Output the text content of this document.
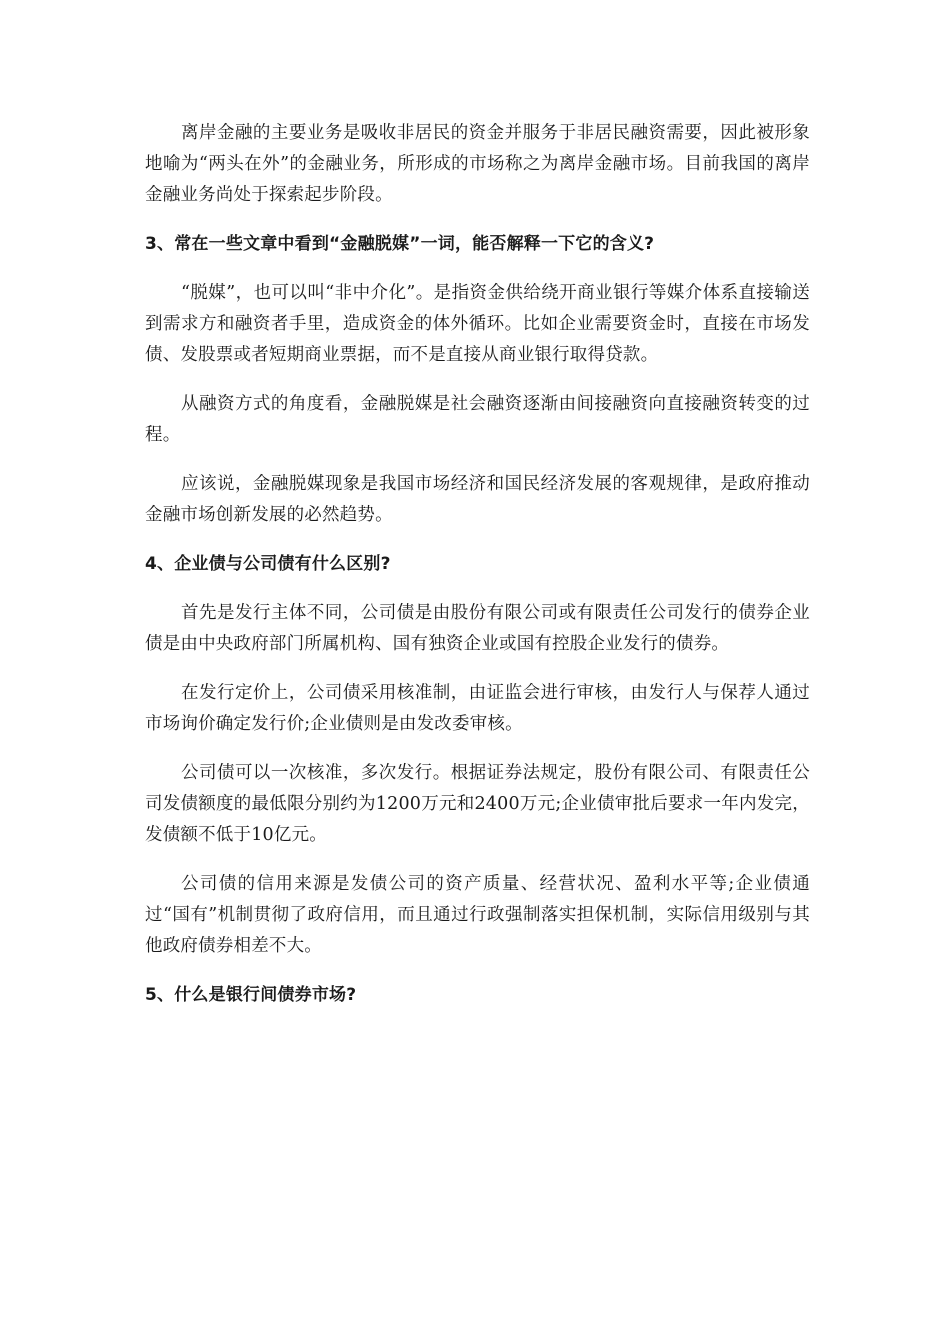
离岸金融的主要业务是吸收非居民的资金并服务于非居民融资需要，因此被形象地喻为“两头在外”的金融业务，所形成的市场称之为离岸金融市场。目前我国的离岸金融业务尚处于探索起步阶段。

3、常在一些文章中看到“金融脱媒”一词，能否解释一下它的含义?

“脱媒”，也可以叫“非中介化”。是指资金供给绕开商业银行等媒介体系直接输送到需求方和融资者手里，造成资金的体外循环。比如企业需要资金时，直接在市场发债、发股票或者短期商业票据，而不是直接从商业银行取得贷款。

从融资方式的角度看，金融脱媒是社会融资逐渐由间接融资向直接融资转变的过程。

应该说，金融脱媒现象是我国市场经济和国民经济发展的客观规律，是政府推动金融市场创新发展的必然趋势。

4、企业债与公司债有什么区别?

首先是发行主体不同，公司债是由股份有限公司或有限责任公司发行的债券企业债是由中央政府部门所属机构、国有独资企业或国有控股企业发行的债券。

在发行定价上，公司债采用核准制，由证监会进行审核，由发行人与保荐人通过市场询价确定发行价;企业债则是由发改委审核。

公司债可以一次核准，多次发行。根据证券法规定，股份有限公司、有限责任公司发债额度的最低限分别约为1200万元和2400万元;企业债审批后要求一年内发完，发债额不低于10亿元。

公司债的信用来源是发债公司的资产质量、经营状况、盈利水平等;企业债通过“国有”机制贯彻了政府信用，而且通过行政强制落实担保机制，实际信用级别与其他政府债券相差不大。

5、什么是银行间债券市场?
